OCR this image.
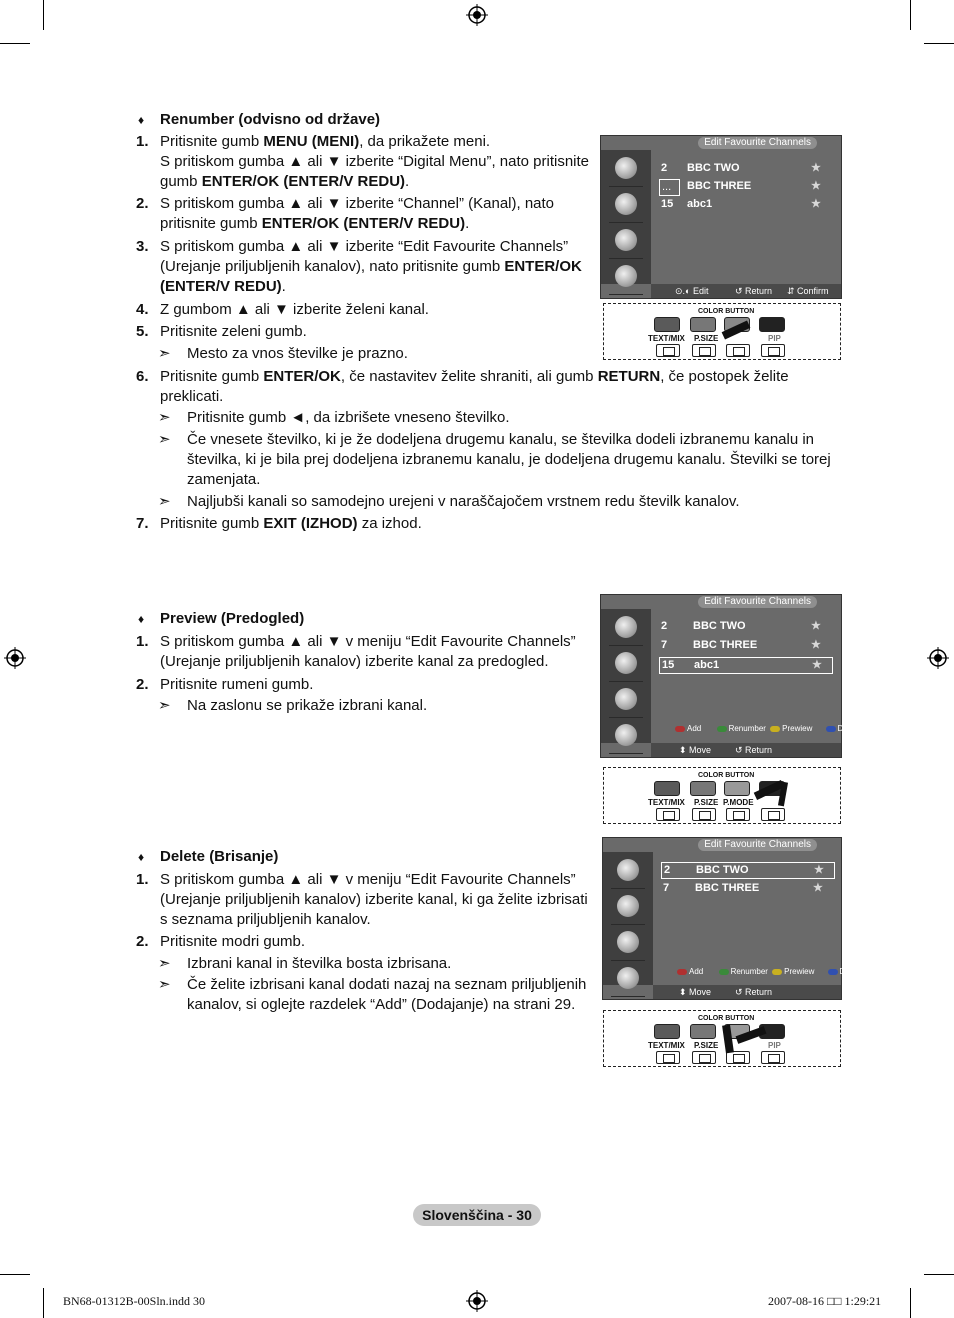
♦ Renumber (odvisno od države)
1. Pritisnite gumb MENU (MENI), da prikažete meni.
S pritiskom gumba ▲ ali ▼ izberite “Digital Menu”, nato pritisnite
gumb ENTER/OK (ENTER/V REDU).
2. S pritiskom gumba ▲ ali ▼ izberite “Channel” (Kanal), nato
pritisnite gumb ENTER/OK (ENTER/V REDU).
3. S pritiskom gumba ▲ ali ▼ izberite “Edit Favourite Channels”
(Urejanje priljubljenih kanalov), nato pritisnite gumb ENTER/OK
(ENTER/V REDU).
4. Z gumbom ▲ ali ▼ izberite želeni kanal.
5. Pritisnite zeleni gumb.
➣ Mesto za vnos številke je prazno.
6. Pritisnite gumb ENTER/OK, če nastavitev želite shraniti, ali gumb RETURN, če postopek želite
preklicati.
➣ Pritisnite gumb ◄, da izbrišete vneseno številko.
➣ Če vnesete številko, ki je že dodeljena drugemu kanalu, se številka dodeli izbranemu kanalu in
številka, ki je bila prej dodeljena izbranemu kanalu, je dodeljena drugemu kanalu. Številki se torej
zamenjata.
➣ Najljubši kanali so samodejno urejeni v naraščajočem vrstnem redu številk kanalov.
7. Pritisnite gumb EXIT (IZHOD) za izhod.
♦ Preview (Predogled)
1. S pritiskom gumba ▲ ali ▼ v meniju “Edit Favourite Channels”
(Urejanje priljubljenih kanalov) izberite kanal za predogled.
2. Pritisnite rumeni gumb.
➣ Na zaslonu se prikaže izbrani kanal.
♦ Delete (Brisanje)
1. S pritiskom gumba ▲ ali ▼ v meniju “Edit Favourite Channels”
(Urejanje priljubljenih kanalov) izberite kanal, ki ga želite izbrisati
s seznama priljubljenih kanalov.
2. Pritisnite modri gumb.
➣ Izbrani kanal in številka bosta izbrisana.
➣ Če želite izbrisani kanal dodati nazaj na seznam priljubljenih
kanalov, si oglejte razdelek “Add” (Dodajanje) na strani 29.
Edit Favourite Channels
2 BBC TWO	★
...	BBC THREE	★
15 abc1	★
⊙.◐ Edit	↺ Return ⇵ Confirm
COLOR BUTTON
TEXT/MIX P.SIZE	PIP
Edit Favourite Channels
2 BBC TWO	★
7 BBC THREE	★
15 abc1	★
Add	Renumber Prewiew	Delete
⬍ Move	↺ Return
COLOR BUTTON
TEXT/MIX P.SIZE P.MODE
Edit Favourite Channels
2 BBC TWO	★
7 BBC THREE	★
Add	Renumber Prewiew	Delete
⬍ Move	↺ Return
COLOR BUTTON
TEXT/MIX P.SIZE	PIP
Slovenščina - 30
BN68-01312B-00Sln.indd 30	2007-08-16 □□ 1:29:21
